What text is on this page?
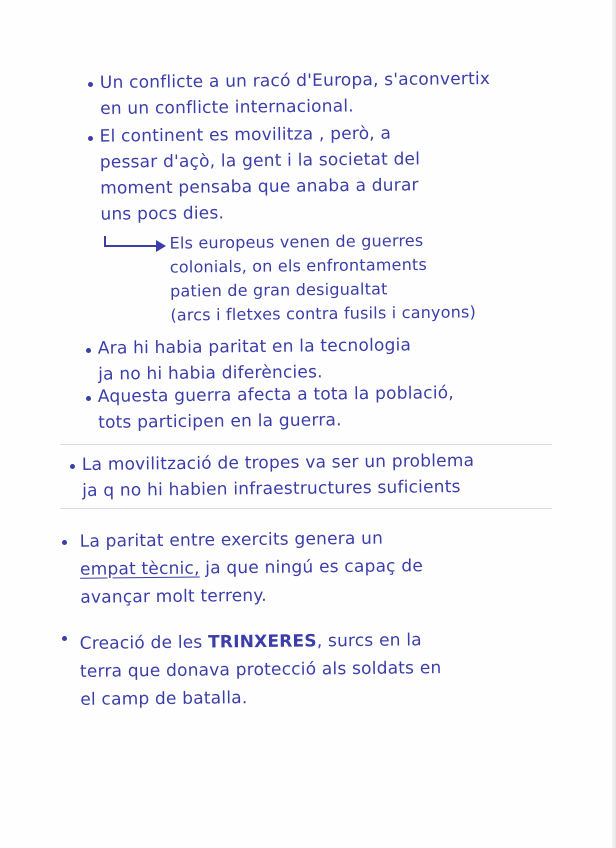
Un conflicte a un racó d'Europa, s'aconvertix
en un conflicte internacional.
El continent es movilitza , però, a
pessar d'açò, la gent i la societat del
moment pensaba que anaba a durar
uns pocs dies.
Els europeus venen de guerres
colonials, on els enfrontaments
patien de gran desigualtat
(arcs i fletxes contra fusils i canyons)
Ara hi habia paritat en la tecnologia
ja no hi habia diferències.
Aquesta guerra afecta a tota la població,
tots participen en la guerra.
La movilització de tropes va ser un problema
ja q no hi habien infraestructures suficients
La paritat entre exercits genera un
empat tècnic, ja que ningú es capaç de
avançar molt terreny.
Creació de les TRINXERES, surcs en la
terra que donava protecció als soldats en
el camp de batalla.
